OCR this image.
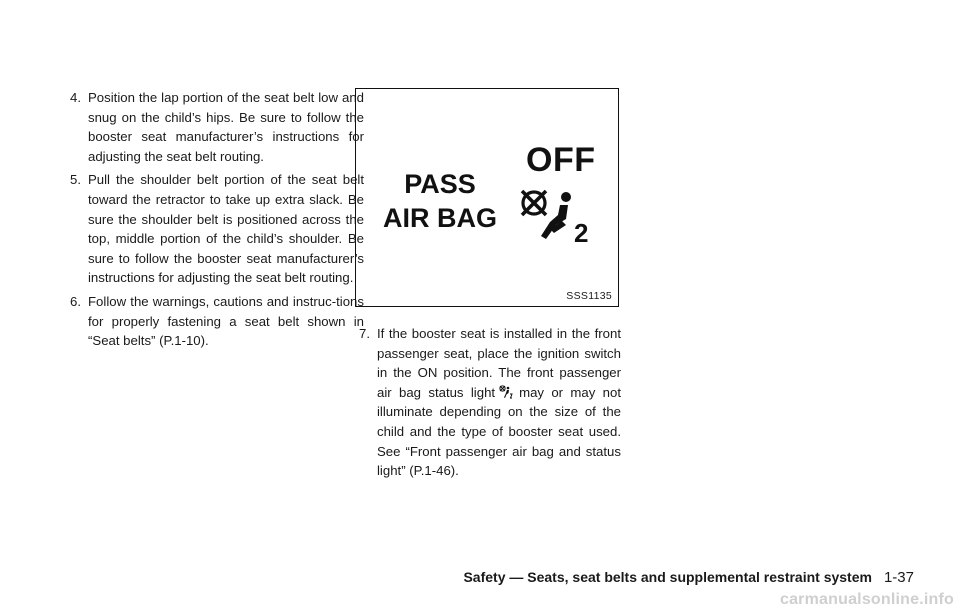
4. Position the lap portion of the seat belt low and snug on the child’s hips. Be sure to follow the booster seat manufacturer’s instructions for adjusting the seat belt routing.
5. Pull the shoulder belt portion of the seat belt toward the retractor to take up extra slack. Be sure the shoulder belt is positioned across the top, middle portion of the child’s shoulder. Be sure to follow the booster seat manufacturer’s instructions for adjusting the seat belt routing.
6. Follow the warnings, cautions and instruc-tions for properly fastening a seat belt shown in “Seat belts” (P.1-10).
PASS
AIR BAG
OFF
2
SSS1135
7. If the booster seat is installed in the front passenger seat, place the ignition switch in the ON position. The front passenger air bag status light may or may not illuminate depending on the size of the child and the type of booster seat used. See “Front passenger air bag and status light” (P.1-46).
Safety — Seats, seat belts and supplemental restraint system 1-37
carmanualsonline.info
